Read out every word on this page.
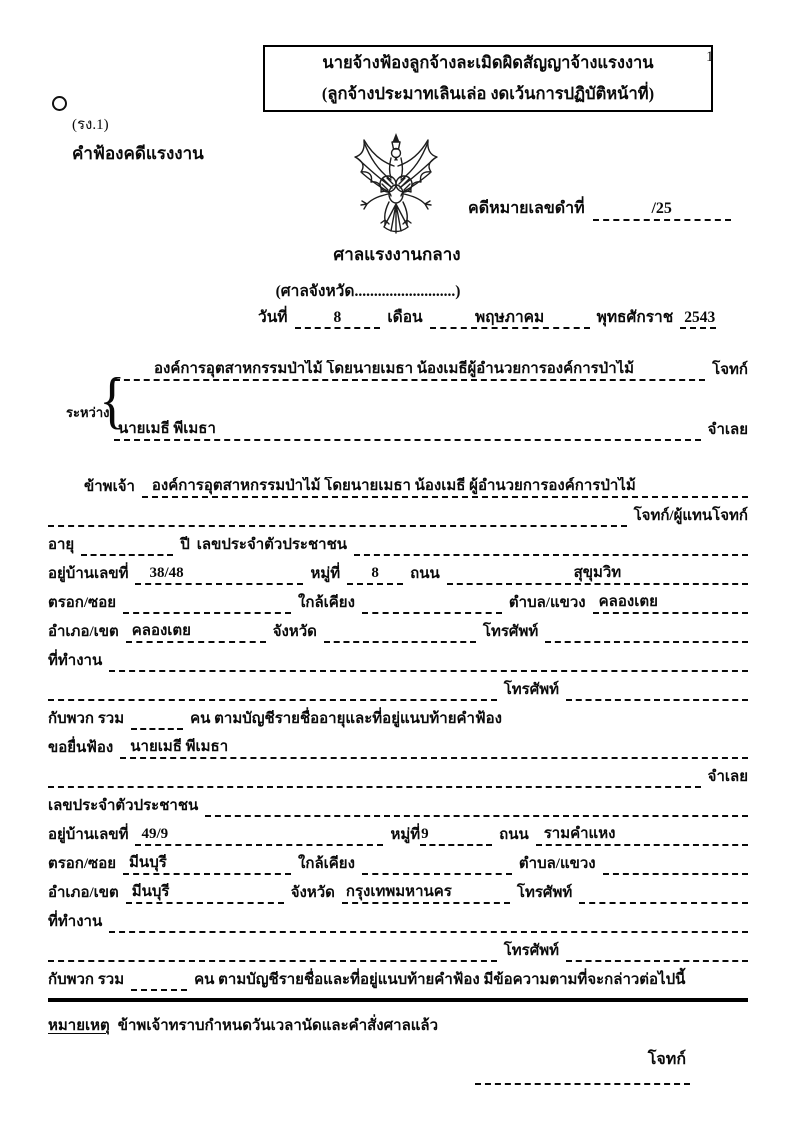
1
นายจ้างฟ้องลูกจ้างละเมิดผิดสัญญาจ้างแรงงาน
(ลูกจ้างประมาทเลินเล่อ งดเว้นการปฏิบัติหน้าที่)
(รง.1)
คำฟ้องคดีแรงงาน
คดีหมายเลขดำที่	/25
ศาลแรงงานกลาง
(ศาลจังหวัด..........................)
วันที่	8	เดือน	พฤษภาคม	พุทธศักราช 2543
ระหว่าง
{	องค์การอุตสาหกรรมป่าไม้ โดยนายเมธา น้องเมธีผู้อำนวยการองค์การป่าไม้	โจทก์
นายเมธี พี่เมธา	จำเลย
ข้าพเจ้า	องค์การอุตสาหกรรมป่าไม้ โดยนายเมธา น้องเมธี ผู้อำนวยการองค์การป่าไม้
โจทก์/ผู้แทนโจทก์
อายุ	ปี เลขประจำตัวประชาชน
อยู่บ้านเลขที่	38/48	หมู่ที่	8	ถนน	สุขุมวิท
ตรอก/ซอย	ใกล้เคียง	ตำบล/แขวง คลองเตย
อำเภอ/เขต คลองเตย	จังหวัด	โทรศัพท์
ที่ทำงาน
โทรศัพท์
กับพวก รวม	คน ตามบัญชีรายชื่ออายุและที่อยู่แนบท้ายคำฟ้อง
ขอยื่นฟ้อง	นายเมธี พี่เมธา
จำเลย
เลขประจำตัวประชาชน
อยู่บ้านเลขที่ 49/9	หมู่ที่ 9	ถนน	รามคำแหง
ตรอก/ซอย มีนบุรี	ใกล้เคียง	ตำบล/แขวง
อำเภอ/เขต มีนบุรี	จังหวัด กรุงเทพมหานคร	โทรศัพท์
ที่ทำงาน
โทรศัพท์
กับพวก รวม	คน ตามบัญชีรายชื่อและที่อยู่แนบท้ายคำฟ้อง มีข้อความตามที่จะกล่าวต่อไปนี้
หมายเหตุ ข้าพเจ้าทราบกำหนดวันเวลานัดและคำสั่งศาลแล้ว
โจทก์
